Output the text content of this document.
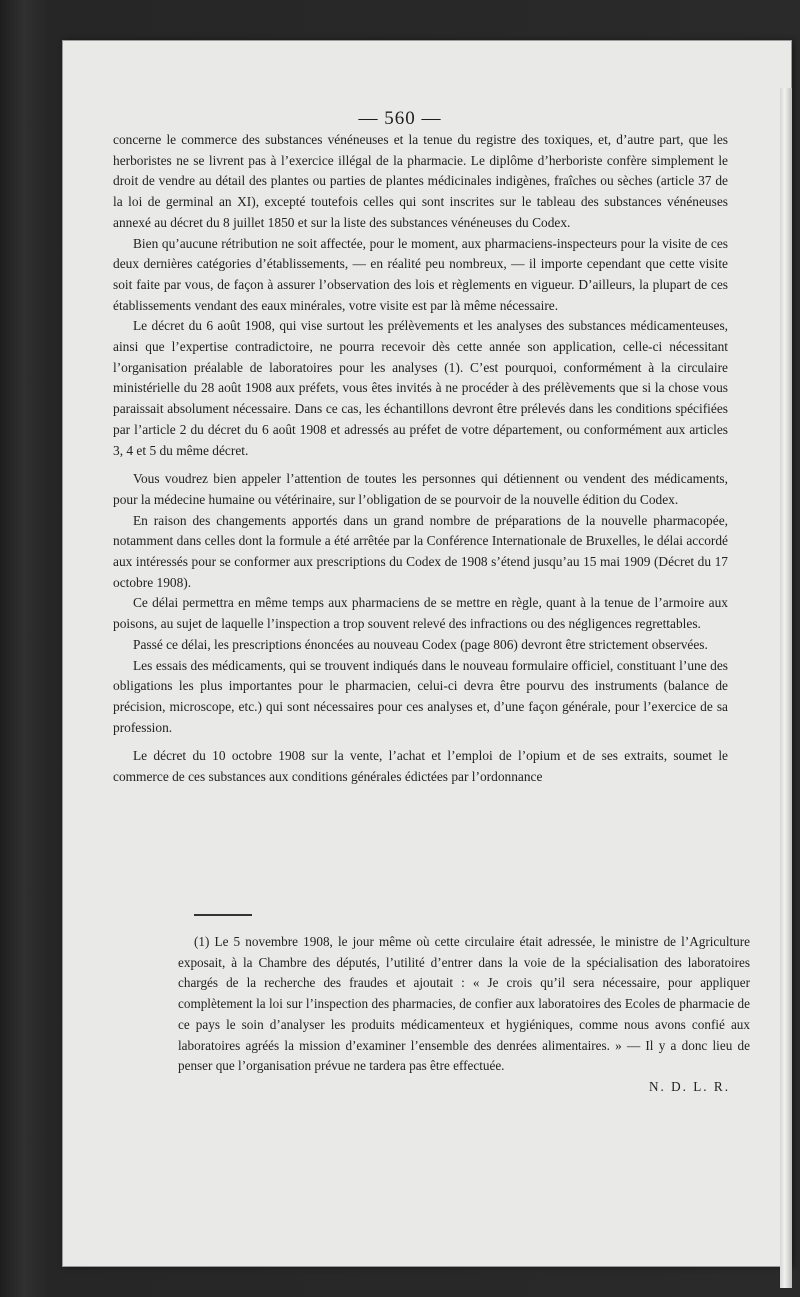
— 560 —

concerne le commerce des substances vénéneuses et la tenue du registre des toxiques, et, d’autre part, que les herboristes ne se livrent pas à l’exercice illégal de la pharmacie. Le diplôme d’herboriste confère simplement le droit de vendre au détail des plantes ou parties de plantes médicinales indigènes, fraîches ou sèches (article 37 de la loi de germinal an XI), excepté toutefois celles qui sont inscrites sur le tableau des substances vénéneuses annexé au décret du 8 juillet 1850 et sur la liste des substances vénéneuses du Codex.

Bien qu’aucune rétribution ne soit affectée, pour le moment, aux pharmaciens-inspecteurs pour la visite de ces deux dernières catégories d’établissements, — en réalité peu nombreux, — il importe cependant que cette visite soit faite par vous, de façon à assurer l’observation des lois et règlements en vigueur. D’ailleurs, la plupart de ces établissements vendant des eaux minérales, votre visite est par là même nécessaire.

Le décret du 6 août 1908, qui vise surtout les prélèvements et les analyses des substances médicamenteuses, ainsi que l’expertise contradictoire, ne pourra recevoir dès cette année son application, celle-ci nécessitant l’organisation préalable de laboratoires pour les analyses (1). C’est pourquoi, conformément à la circulaire ministérielle du 28 août 1908 aux préfets, vous êtes invités à ne procéder à des prélèvements que si la chose vous paraissait absolument nécessaire. Dans ce cas, les échantillons devront être prélevés dans les conditions spécifiées par l’article 2 du décret du 6 août 1908 et adressés au préfet de votre département, ou conformément aux articles 3, 4 et 5 du même décret.

Vous voudrez bien appeler l’attention de toutes les personnes qui détiennent ou vendent des médicaments, pour la médecine humaine ou vétérinaire, sur l’obligation de se pourvoir de la nouvelle édition du Codex.

En raison des changements apportés dans un grand nombre de préparations de la nouvelle pharmacopée, notamment dans celles dont la formule a été arrêtée par la Conférence Internationale de Bruxelles, le délai accordé aux intéressés pour se conformer aux prescriptions du Codex de 1908 s’étend jusqu’au 15 mai 1909 (Décret du 17 octobre 1908).

Ce délai permettra en même temps aux pharmaciens de se mettre en règle, quant à la tenue de l’armoire aux poisons, au sujet de laquelle l’inspection a trop souvent relevé des infractions ou des négligences regrettables.

Passé ce délai, les prescriptions énoncées au nouveau Codex (page 806) devront être strictement observées.

Les essais des médicaments, qui se trouvent indiqués dans le nouveau formulaire officiel, constituant l’une des obligations les plus importantes pour le pharmacien, celui-ci devra être pourvu des instruments (balance de précision, microscope, etc.) qui sont nécessaires pour ces analyses et, d’une façon générale, pour l’exercice de sa profession.

Le décret du 10 octobre 1908 sur la vente, l’achat et l’emploi de l’opium et de ses extraits, soumet le commerce de ces substances aux conditions générales édictées par l’ordonnance

(1) Le 5 novembre 1908, le jour même où cette circulaire était adressée, le ministre de l’Agriculture exposait, à la Chambre des députés, l’utilité d’entrer dans la voie de la spécialisation des laboratoires chargés de la recherche des fraudes et ajoutait : « Je crois qu’il sera nécessaire, pour appliquer complètement la loi sur l’inspection des pharmacies, de confier aux laboratoires des Ecoles de pharmacie de ce pays le soin d’analyser les produits médicamenteux et hygiéniques, comme nous avons confié aux laboratoires agréés la mission d’examiner l’ensemble des denrées alimentaires. » — Il y a donc lieu de penser que l’organisation prévue ne tardera pas être effectuée.

N. D. L. R.
